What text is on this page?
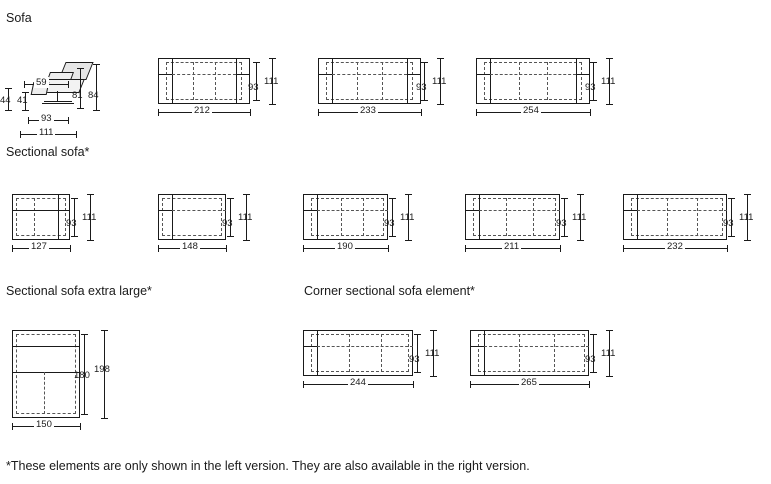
Sofa
Sectional sofa*
Sectional sofa extra large*	Corner sectional sofa element*
59
44 41	81 84
93
111
212
93
111
233
93
111
254
93
111
127
93
111
148
93
111
190
93
111
211
93
111
232
93
111
150
180
198
244
93
111
265
93
111
*These elements are only shown in the left version. They are also available in the right version.
